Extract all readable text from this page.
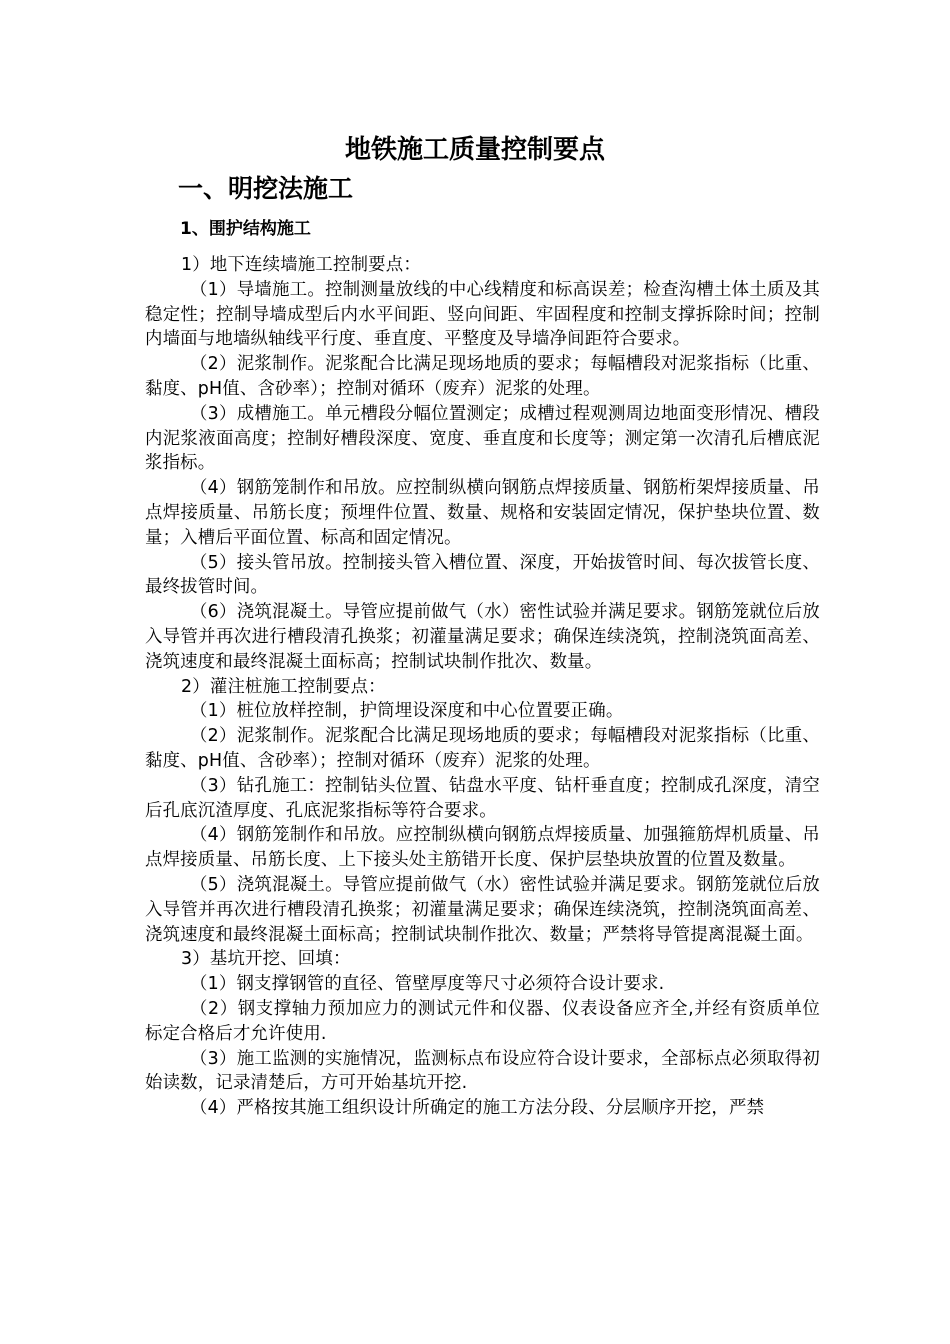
地铁施工质量控制要点
一、明挖法施工
1、围护结构施工

1）地下连续墙施工控制要点：

（1）导墙施工。控制测量放线的中心线精度和标高误差；检查沟槽土体土质及其稳定性；控制导墙成型后内水平间距、竖向间距、牢固程度和控制支撑拆除时间；控制内墙面与地墙纵轴线平行度、垂直度、平整度及导墙净间距符合要求。

（2）泥浆制作。泥浆配合比满足现场地质的要求；每幅槽段对泥浆指标（比重、黏度、pH值、含砂率）；控制对循环（废弃）泥浆的处理。

（3）成槽施工。单元槽段分幅位置测定；成槽过程观测周边地面变形情况、槽段内泥浆液面高度；控制好槽段深度、宽度、垂直度和长度等；测定第一次清孔后槽底泥浆指标。

（4）钢筋笼制作和吊放。应控制纵横向钢筋点焊接质量、钢筋桁架焊接质量、吊点焊接质量、吊筋长度；预埋件位置、数量、规格和安装固定情况，保护垫块位置、数量；入槽后平面位置、标高和固定情况。

（5）接头管吊放。控制接头管入槽位置、深度，开始拔管时间、每次拔管长度、最终拔管时间。

（6）浇筑混凝土。导管应提前做气（水）密性试验并满足要求。钢筋笼就位后放入导管并再次进行槽段清孔换浆；初灌量满足要求；确保连续浇筑，控制浇筑面高差、浇筑速度和最终混凝土面标高；控制试块制作批次、数量。

2）灌注桩施工控制要点：

（1）桩位放样控制，护筒埋设深度和中心位置要正确。

（2）泥浆制作。泥浆配合比满足现场地质的要求；每幅槽段对泥浆指标（比重、黏度、pH值、含砂率）；控制对循环（废弃）泥浆的处理。

（3）钻孔施工：控制钻头位置、钻盘水平度、钻杆垂直度；控制成孔深度，清空后孔底沉渣厚度、孔底泥浆指标等符合要求。

（4）钢筋笼制作和吊放。应控制纵横向钢筋点焊接质量、加强箍筋焊机质量、吊点焊接质量、吊筋长度、上下接头处主筋错开长度、保护层垫块放置的位置及数量。

（5）浇筑混凝土。导管应提前做气（水）密性试验并满足要求。钢筋笼就位后放入导管并再次进行槽段清孔换浆；初灌量满足要求；确保连续浇筑，控制浇筑面高差、浇筑速度和最终混凝土面标高；控制试块制作批次、数量；严禁将导管提离混凝土面。

3）基坑开挖、回填：

（1）钢支撑钢管的直径、管壁厚度等尺寸必须符合设计要求.

（2）钢支撑轴力预加应力的测试元件和仪器、仪表设备应齐全,并经有资质单位标定合格后才允许使用.

（3）施工监测的实施情况，监测标点布设应符合设计要求，全部标点必须取得初始读数，记录清楚后，方可开始基坑开挖.

（4）严格按其施工组织设计所确定的施工方法分段、分层顺序开挖，严禁
